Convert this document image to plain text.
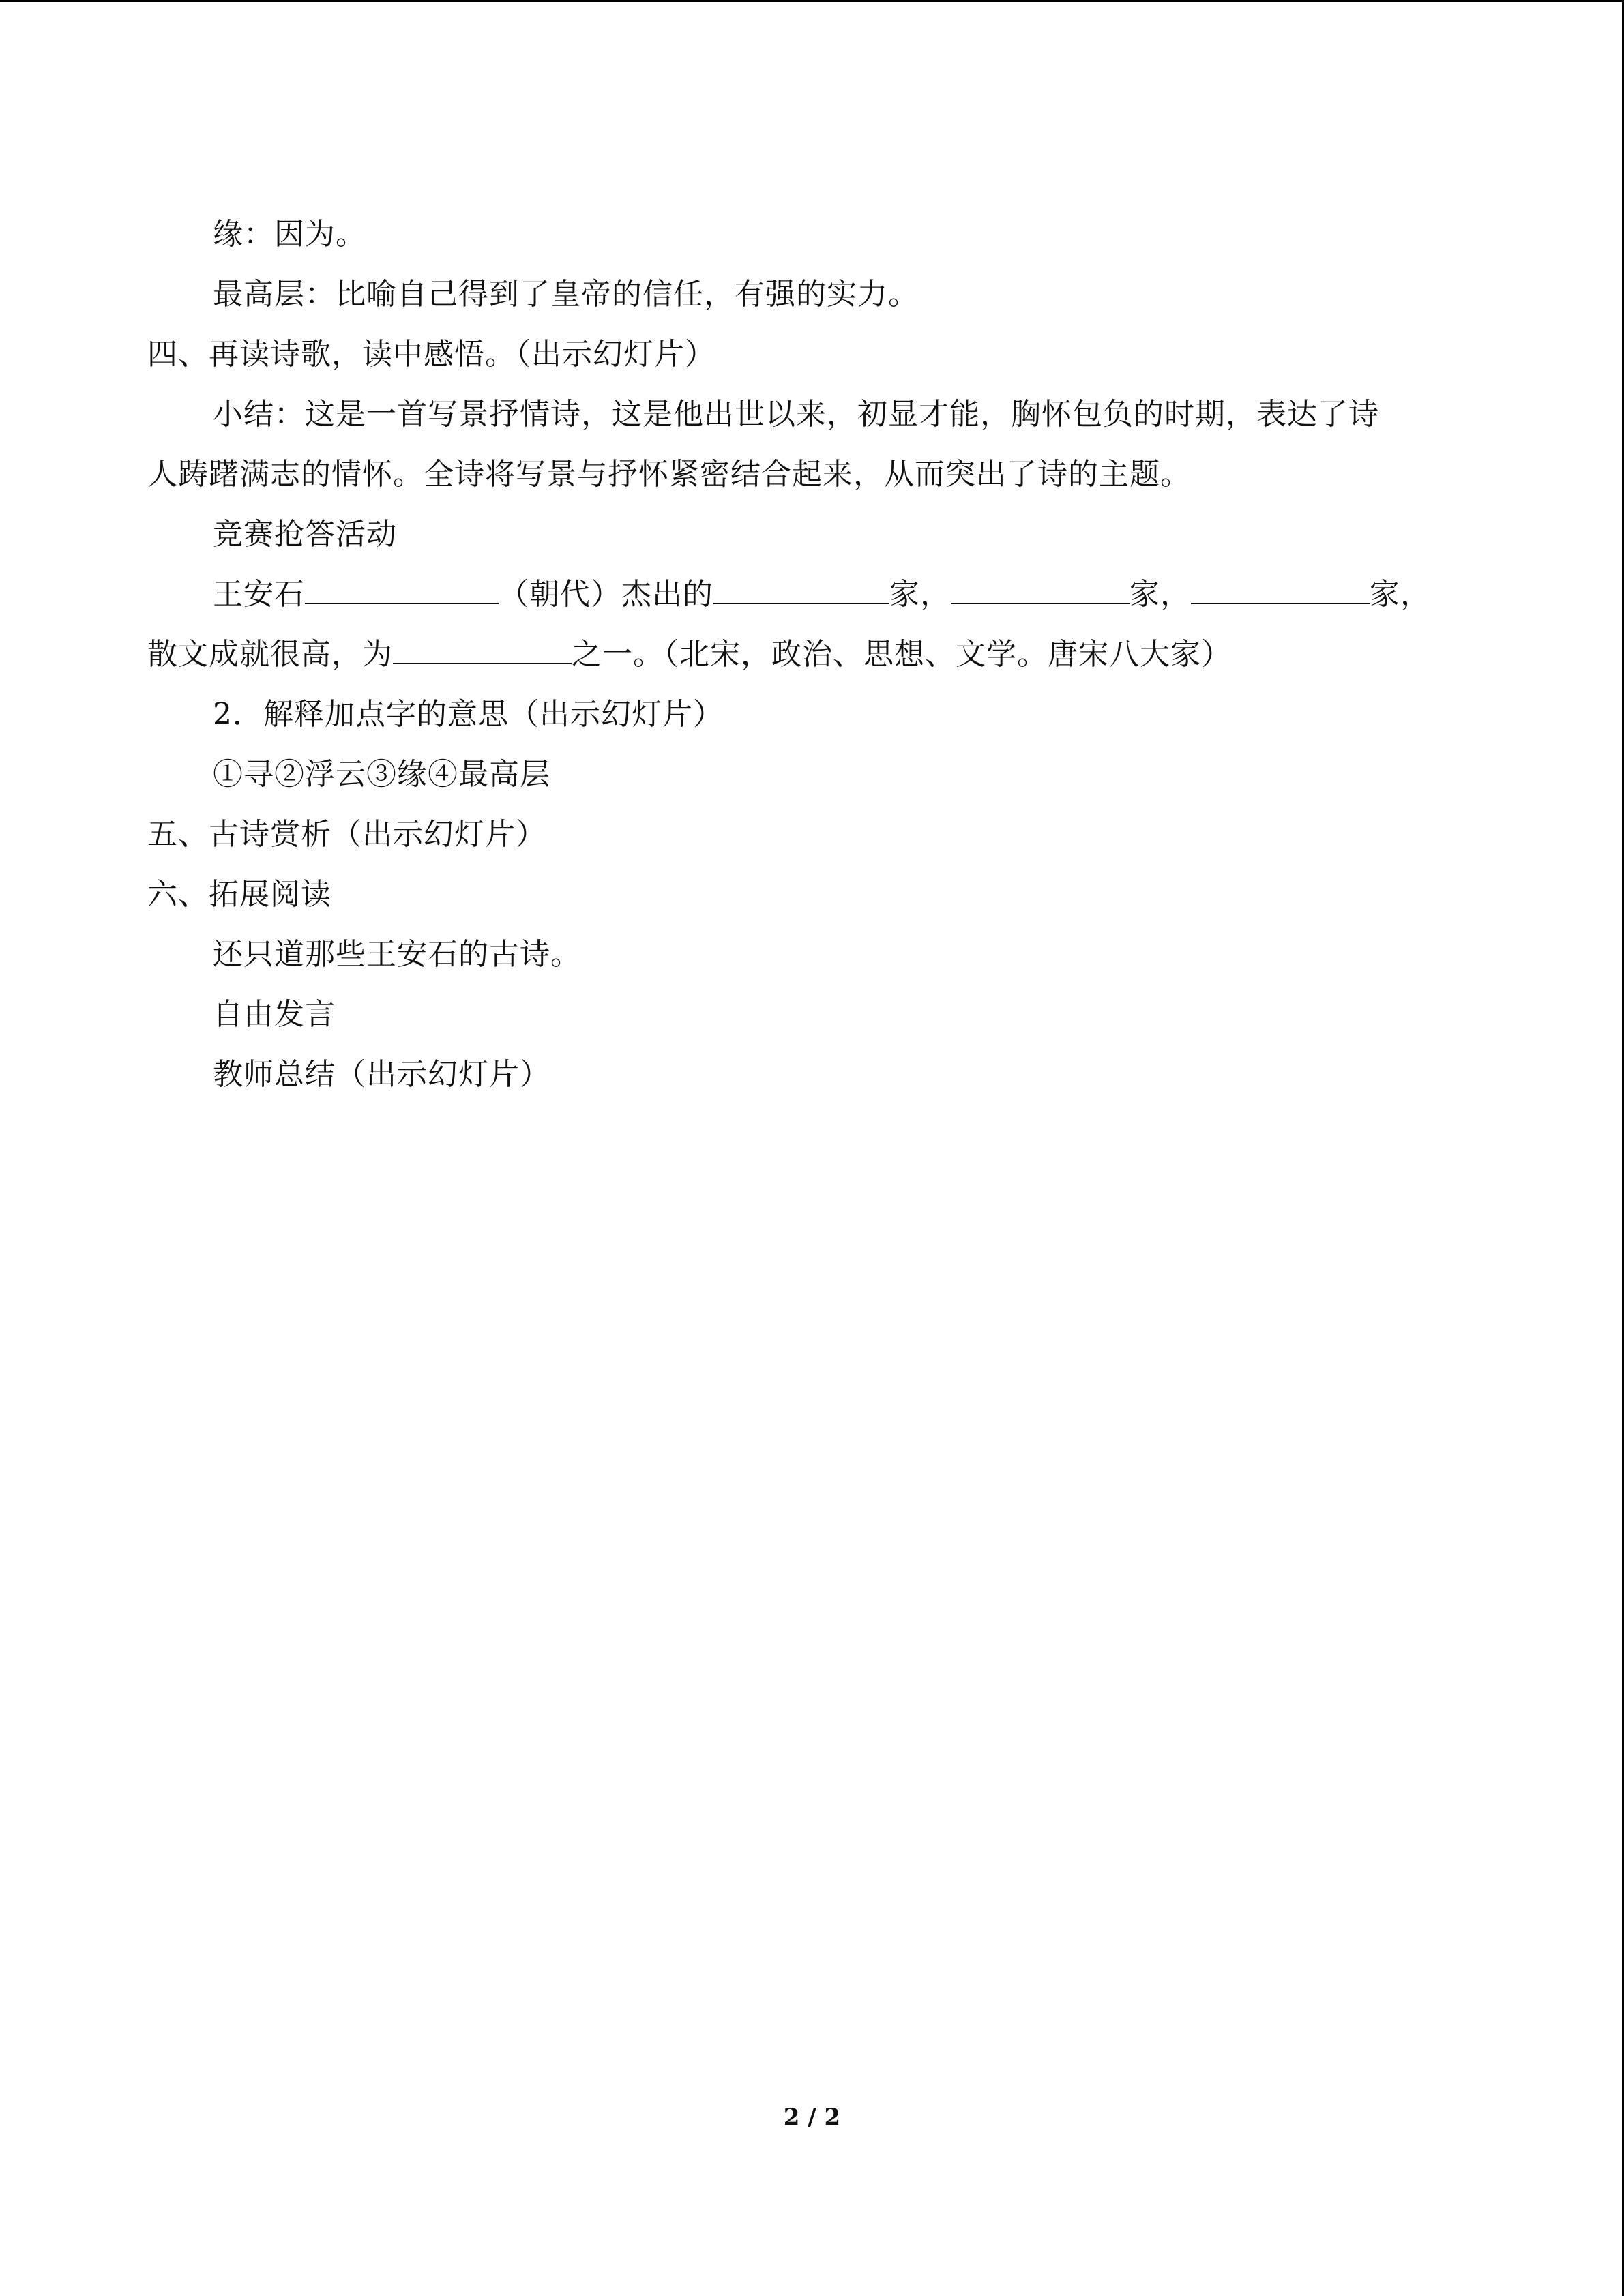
缘：因为。
最高层：比喻自己得到了皇帝的信任，有强的实力。
四、再读诗歌，读中感悟。（出示幻灯片）
小结：这是一首写景抒情诗，这是他出世以来，初显才能，胸怀包负的时期，表达了诗
人踌躇满志的情怀。全诗将写景与抒怀紧密结合起来，从而突出了诗的主题。
竞赛抢答活动
王安石	（朝代）杰出的	家，	家，	家，
散文成就很高，为	之一。（北宋，政治、思想、文学。唐宋八大家）
2．解释加点字的意思（出示幻灯片）
①寻②浮云③缘④最高层
五、古诗赏析（出示幻灯片）
六、拓展阅读
还只道那些王安石的古诗。
自由发言
教师总结（出示幻灯片）
2 / 2
